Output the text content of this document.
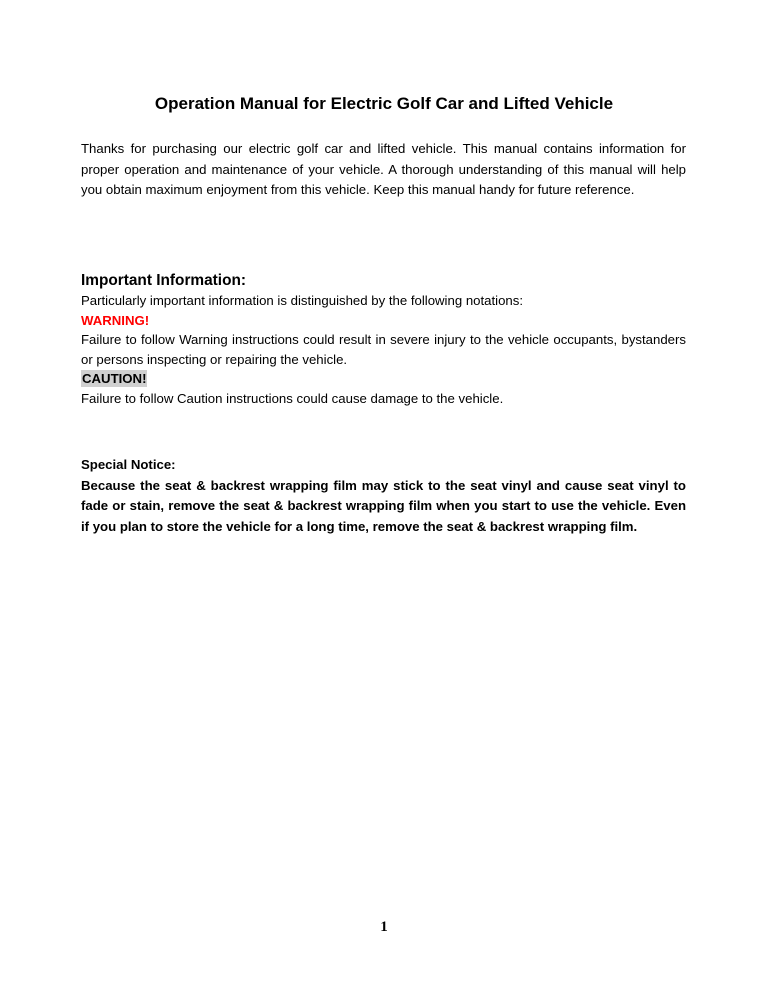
Operation Manual for Electric Golf Car and Lifted Vehicle

Thanks for purchasing our electric golf car and lifted vehicle. This manual contains information for proper operation and maintenance of your vehicle. A thorough understanding of this manual will help you obtain maximum enjoyment from this vehicle. Keep this manual handy for future reference.

Important Information:

Particularly important information is distinguished by the following notations:

WARNING!

Failure to follow Warning instructions could result in severe injury to the vehicle occupants, bystanders or persons inspecting or repairing the vehicle.

CAUTION!

Failure to follow Caution instructions could cause damage to the vehicle.

Special Notice:

Because the seat & backrest wrapping film may stick to the seat vinyl and cause seat vinyl to fade or stain, remove the seat & backrest wrapping film when you start to use the vehicle. Even if you plan to store the vehicle for a long time, remove the seat & backrest wrapping film.

1
